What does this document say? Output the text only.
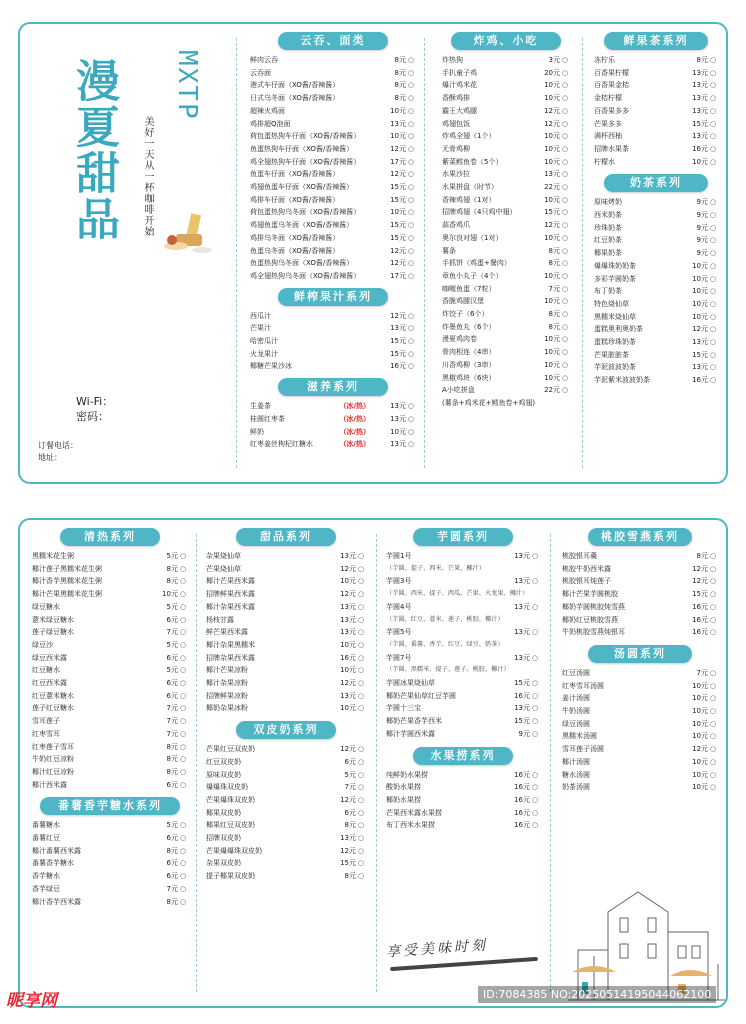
漫夏甜品 MXTP
美好一天从一杯咖啡开始
Wi-Fi：
密码：
订餐电话：
地址：
云吞、面类
鲜肉云吞	8元 ○
云吞面	8元 ○
港式车仔面（XO酱/香辣酱）	8元 ○
日式乌冬面（XO酱/香辣酱）	8元 ○
超辣火鸡面	10元 ○
鸡排超Q泡面	13元 ○
荷包蛋热狗车仔面（XO酱/香辣酱）	10元 ○
鱼蛋热狗车仔面（XO酱/香辣酱）	12元 ○
鸡全翅热狗车仔面（XO酱/香辣酱）	17元 ○
鱼蛋车仔面（XO酱/香辣酱）	12元 ○
鸡翅鱼蛋车仔面（XO酱/香辣酱）	15元 ○
鸡排车仔面（XO酱/香辣酱）	15元 ○
荷包蛋热狗乌冬面（XO酱/香辣酱）	10元 ○
鸡翅鱼蛋乌冬面（XO酱/香辣酱）	15元 ○
鸡排乌冬面（XO酱/香辣酱）	15元 ○
鱼蛋乌冬面（XO酱/香辣酱）	12元 ○
鱼蛋热狗乌冬面（XO酱/香辣酱）	12元 ○
鸡全翅热狗乌冬面（XO酱/香辣酱）	17元 ○
鲜榨果汁系列
西瓜汁	12元 ○
芒果汁	13元 ○
哈密瓜汁	15元 ○
火龙果汁	15元 ○
椰糖芒果沙冰	16元 ○
滋养系列
生姜茶	（冰/热）	13元 ○
桂圆红枣茶	（冰/热）	13元 ○
鲜奶	（冰/热）	10元 ○
红枣姜丝枸杞红糖水	（冰/热）	13元 ○
炸鸡、小吃
炸热狗	3元 ○
手扒童子鸡	20元 ○
爆汁鸡米花	10元 ○
香酥鸡排	10元 ○
霸王大鸡腿	12元 ○
鸡翅包饭	12元 ○
炸鸡全翅（1个）	10元 ○
无骨鸡柳	10元 ○
紫菜鳕鱼卷（5个）	10元 ○
水果沙拉	13元 ○
水果拼盘（时节）	22元 ○
香辣鸡翅（1对）	10元 ○
招牌鸡翅（4只鸡中翅）	15元 ○
蒜香鸡爪	12元 ○
奥尔良对翅（1对）	10元 ○
薯条	8元 ○
手抓饼（鸡蛋+餐肉）	8元 ○
章鱼小丸子（4个）	10元 ○
咖喱鱼蛋（7粒）	7元 ○
香脆鸡腿汉堡	10元 ○
炸饺子（6个）	8元 ○
炸墨鱼丸（6个）	8元 ○
漫夏鸡肉卷	10元 ○
骨肉相连（4串）	10元 ○
川香鸡柳（3串）	10元 ○
黑椒鸡块（6块）	10元 ○
A小吃拼盘	22元 ○
(薯条+鸡米花+鳕鱼卷+鸡翅)
鲜果茶系列
冻柠乐	8元 ○
百香果柠檬	13元 ○
百香果金桔	13元 ○
金桔柠檬	13元 ○
百香果多多	13元 ○
芒果多多	15元 ○
满杯西柚	13元 ○
招牌水果茶	16元 ○
柠檬水	10元 ○
奶茶系列
原味烤奶	9元 ○
西米奶茶	9元 ○
珍珠奶茶	9元 ○
红豆奶茶	9元 ○
椰果奶茶	9元 ○
爆爆珠奶奶茶	10元 ○
多彩芋圆奶茶	10元 ○
布丁奶茶	10元 ○
特色烧仙草	10元 ○
黑糯米烧仙草	10元 ○
蛋糕奥利奥奶茶	12元 ○
蛋糕珍珠奶茶	13元 ○
芒果脏脏茶	15元 ○
芋泥波波奶茶	13元 ○
芋泥紫米波波奶茶	16元 ○
清热系列
黑糯米花生粥	5元 ○
椰汁莲子黑糯米花生粥	8元 ○
椰汁香芋黑糯米花生粥	8元 ○
椰汁芒果黑糯米花生粥	10元 ○
绿豆糖水	5元 ○
薏米绿豆糖水	6元 ○
莲子绿豆糖水	7元 ○
绿豆沙	5元 ○
绿豆西米露	6元 ○
红豆糖水	5元 ○
红豆西米露	6元 ○
红豆薏米糖水	6元 ○
莲子红豆糖水	7元 ○
雪耳莲子	7元 ○
红枣雪耳	7元 ○
红枣莲子雪耳	8元 ○
牛奶红豆凉粉	8元 ○
椰汁红豆凉粉	8元 ○
椰汁西米露	6元 ○
番薯香芋糖水系列
番薯糖水	5元 ○
番薯红豆	6元 ○
椰汁番薯西米露	8元 ○
番薯香芋糖水	6元 ○
香芋糖水	6元 ○
香芋绿豆	7元 ○
椰汁香芋西米露	8元 ○
甜品系列
杂果烧仙草	13元 ○
芒果烧仙草	12元 ○
椰汁芒果西米露	10元 ○
招牌鲜果西米露	12元 ○
椰汁杂果西米露	13元 ○
杨枝甘露	13元 ○
鲜芒果西米露	13元 ○
椰汁杂果黑糯米	10元 ○
招牌杂果西米露	16元 ○
椰汁芒果凉粉	10元 ○
椰汁杂果凉粉	12元 ○
招牌鲜果凉粉	13元 ○
椰奶杂果冰粉	10元 ○
双皮奶系列
芒果红豆双皮奶	12元 ○
红豆双皮奶	6元 ○
原味双皮奶	5元 ○
爆爆珠双皮奶	7元 ○
芒果爆珠双皮奶	12元 ○
椰果双皮奶	6元 ○
椰果红豆双皮奶	8元 ○
招牌双皮奶	13元 ○
芒果爆爆珠双皮奶	12元 ○
杂果双皮奶	15元 ○
提子椰果双皮奶	8元 ○
芋圆系列
芋圆1号	13元 ○
（芋圆、提子、西米、芒果、椰汁）
芋圆3号	13元 ○
（芋圆、西米、提子、西瓜、芒果、火龙果、椰汁）
芋圆4号	13元 ○
（芋圆、红豆、薏米、莲子、桃胶、椰汁）
芋圆5号	13元 ○
（芋圆、番薯、香芋、红豆、绿豆、奶茶）
芋圆7号	13元 ○
（芋圆、黑糯米、提子、莲子、桃胶、椰汁）
芋圆冰果烧仙草	15元 ○
椰奶芒果仙草红豆芋圆	16元 ○
芋圆十三宝	13元 ○
椰奶芒果香芋西米	15元 ○
椰汁芋圆西米露	9元 ○
水果捞系列
纯鲜奶水果捞	16元 ○
酸奶水果捞	16元 ○
椰奶水果捞	16元 ○
芒果西米露水果捞	16元 ○
布丁西米水果捞	16元 ○
桃胶雪燕系列
桃胶银耳羹	8元 ○
桃胶牛奶西米露	12元 ○
桃胶银耳炖莲子	12元 ○
椰汁芒果芋圆桃胶	15元 ○
椰奶芋圆桃胶炖雪燕	16元 ○
椰奶红豆桃胶雪燕	16元 ○
牛奶桃胶雪燕炖银耳	16元 ○
汤圆系列
红豆汤圆	7元 ○
红枣雪耳汤圆	10元 ○
姜汁汤圆	10元 ○
牛奶汤圆	10元 ○
绿豆汤圆	10元 ○
黑糯米汤圆	10元 ○
雪耳莲子汤圆	12元 ○
椰汁汤圆	10元 ○
糖水汤圆	10元 ○
奶茶汤圆	10元 ○
享受美味时刻
昵享网	ID:7084385 NO:20250514195044062100
